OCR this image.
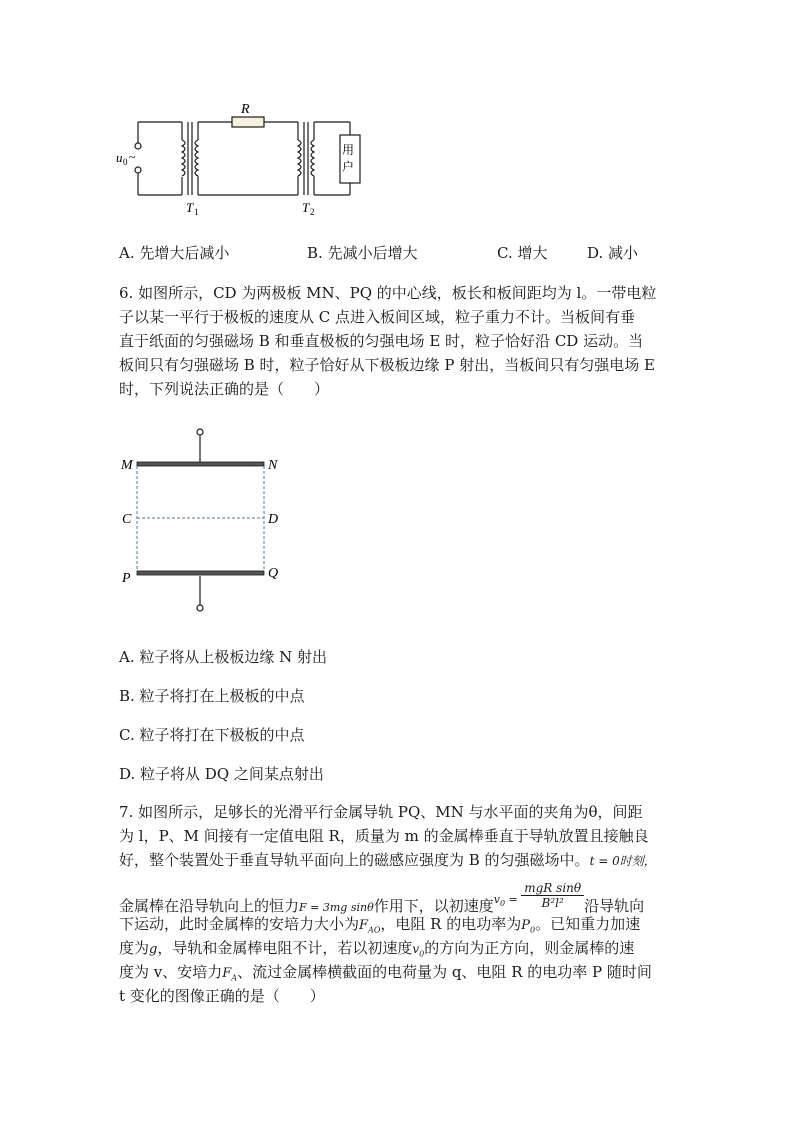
R
u 0 ~	用
户
T 1	T 2
A. 先增大后减小	B. 先减小后增大	C. 增大	D. 减小
6. 如图所示，CD 为两极板 MN、PQ 的中心线，板长和板间距均为 l。一带电粒
子以某一平行于极板的速度从 C 点进入板间区域，粒子重力不计。当板间有垂
直于纸面的匀强磁场 B 和垂直极板的匀强电场 E 时，粒子恰好沿 CD 运动。当
板间只有匀强磁场 B 时，粒子恰好从下极板边缘 P 射出，当板间只有匀强电场 E
时，下列说法正确的是（　　）
M	N
C	D
P	Q
A. 粒子将从上极板边缘 N 射出
B. 粒子将打在上极板的中点
C. 粒子将打在下极板的中点
D. 粒子将从 DQ 之间某点射出
7. 如图所示，足够长的光滑平行金属导轨 PQ、MN 与水平面的夹角为θ，间距
为 l，P、M 间接有一定值电阻 R，质量为 m 的金属棒垂直于导轨放置且接触良
好，整个装置处于垂直导轨平面向上的磁感应强度为 B 的匀强磁场中。t = 0时刻，
金属棒在沿导轨向上的恒力F = 3mg sinθ作用下，以初速度$^{v_0 =} \frac{\text{mgR sinθ}}{\text{B²l²}}$ 沿导轨向
下运动，此时金属棒的安培力大小为$F_{AO}$，电阻 R 的电功率为$P_0$。已知重力加速
度为g，导轨和金属棒电阻不计，若以初速度$v_0$的方向为正方向，则金属棒的速
度为 v、安培力$F_A$、流过金属棒横截面的电荷量为 q、电阻 R 的电功率 P 随时间
t 变化的图像正确的是（　　）
